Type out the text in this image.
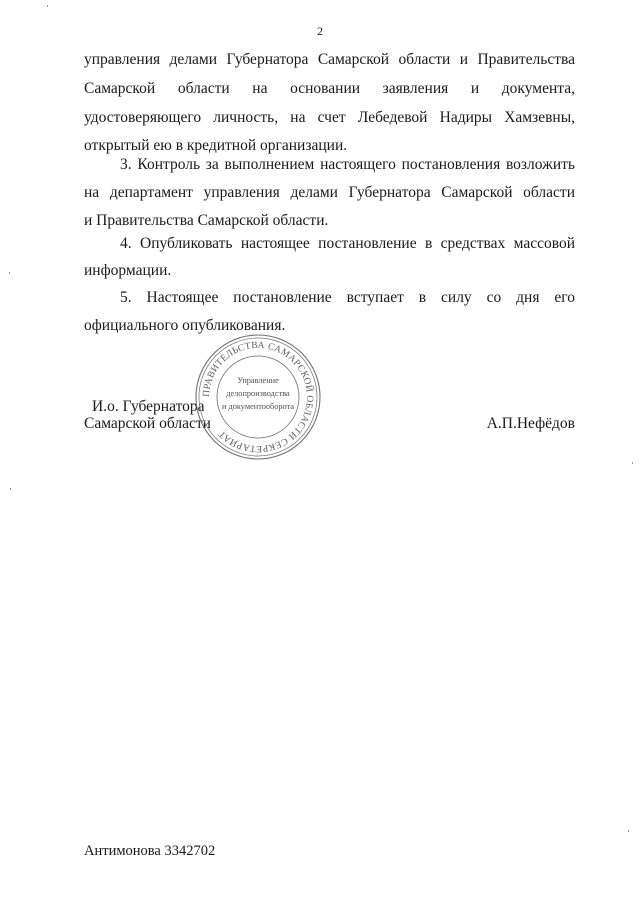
2
управления делами Губернатора Самарской области и Правительства
Самарской области на основании заявления и документа,
удостоверяющего личность, на счет Лебедевой Надиры Хамзевны,
открытый ею в кредитной организации.
3. Контроль за выполнением настоящего постановления возложить
на департамент управления делами Губернатора Самарской области
и Правительства Самарской области.
4. Опубликовать настоящее постановление в средствах массовой
информации.
5. Настоящее постановление вступает в силу со дня его
официального опубликования.
И.о. Губернатора
Самарской области	А.П.Нефёдов
ПРАВИТЕЛЬСТВА САМАРСКОЙ ОБЛАСТИ СЕКРЕТАРИАТ
Управление
делопроизводства
и документооборота
Антимонова 3342702
